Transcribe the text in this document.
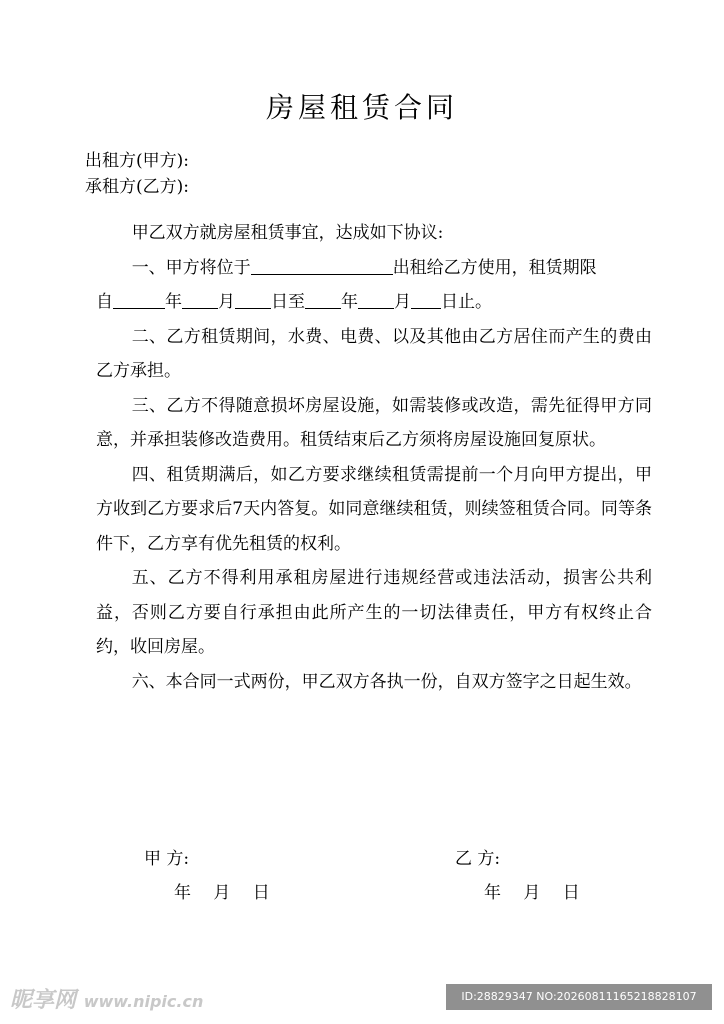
房屋租赁合同
出租方(甲方):
承租方(乙方):

甲乙双方就房屋租赁事宜，达成如下协议:

一、甲方将位于	出租给乙方使用，租赁期限

自	年 月 日至 年 月 日止。

二、乙方租赁期间，水费、电费、以及其他由乙方居住而产生的费由乙方承担。

三、乙方不得随意损坏房屋设施，如需装修或改造，需先征得甲方同意，并承担装修改造费用。租赁结束后乙方须将房屋设施回复原状。

四、租赁期满后，如乙方要求继续租赁需提前一个月向甲方提出，甲方收到乙方要求后7天内答复。如同意继续租赁，则续签租赁合同。同等条件下，乙方享有优先租赁的权利。

五、乙方不得利用承租房屋进行违规经营或违法活动，损害公共利益，否则乙方要自行承担由此所产生的一切法律责任，甲方有权终止合约，收回房屋。

六、本合同一式两份，甲乙双方各执一份，自双方签字之日起生效。

甲 方:	乙 方:
年　 月　 日	年　 月　 日
昵享网 www.nipic.cn	ID:28829347 NO:20260811165218828107
